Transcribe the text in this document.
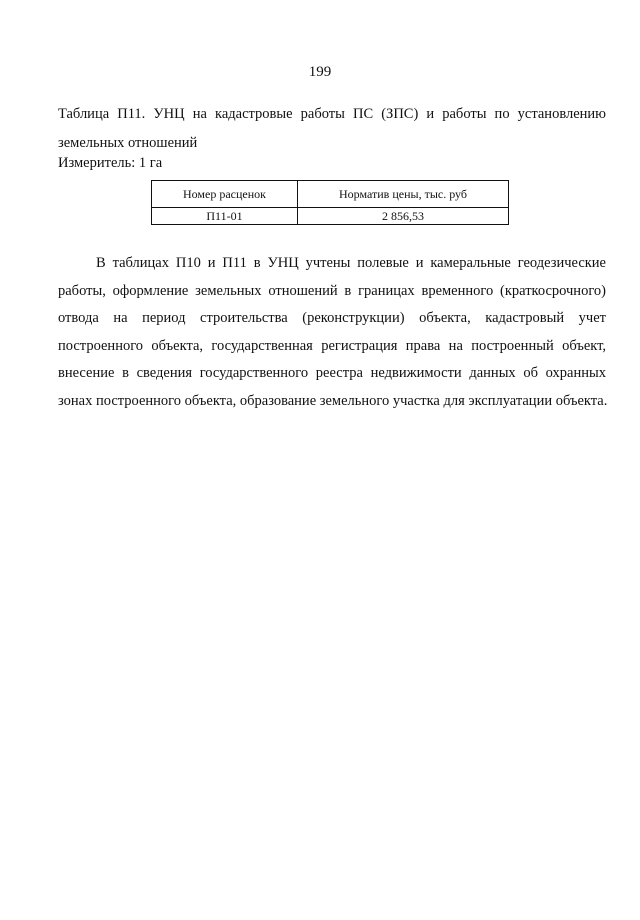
199
Таблица П11. УНЦ на кадастровые работы ПС (ЗПС) и работы по установлению земельных отношений
Измеритель: 1 га
Номер расценок	Норматив цены, тыс. руб
П11-01	2 856,53
В таблицах П10 и П11 в УНЦ учтены полевые и камеральные геодезические
работы, оформление земельных отношений в границах временного (краткосрочного)
отвода на период строительства (реконструкции) объекта, кадастровый учет
построенного объекта, государственная регистрация права на построенный объект,
внесение в сведения государственного реестра недвижимости данных об охранных
зонах построенного объекта, образование земельного участка для эксплуатации объекта.
